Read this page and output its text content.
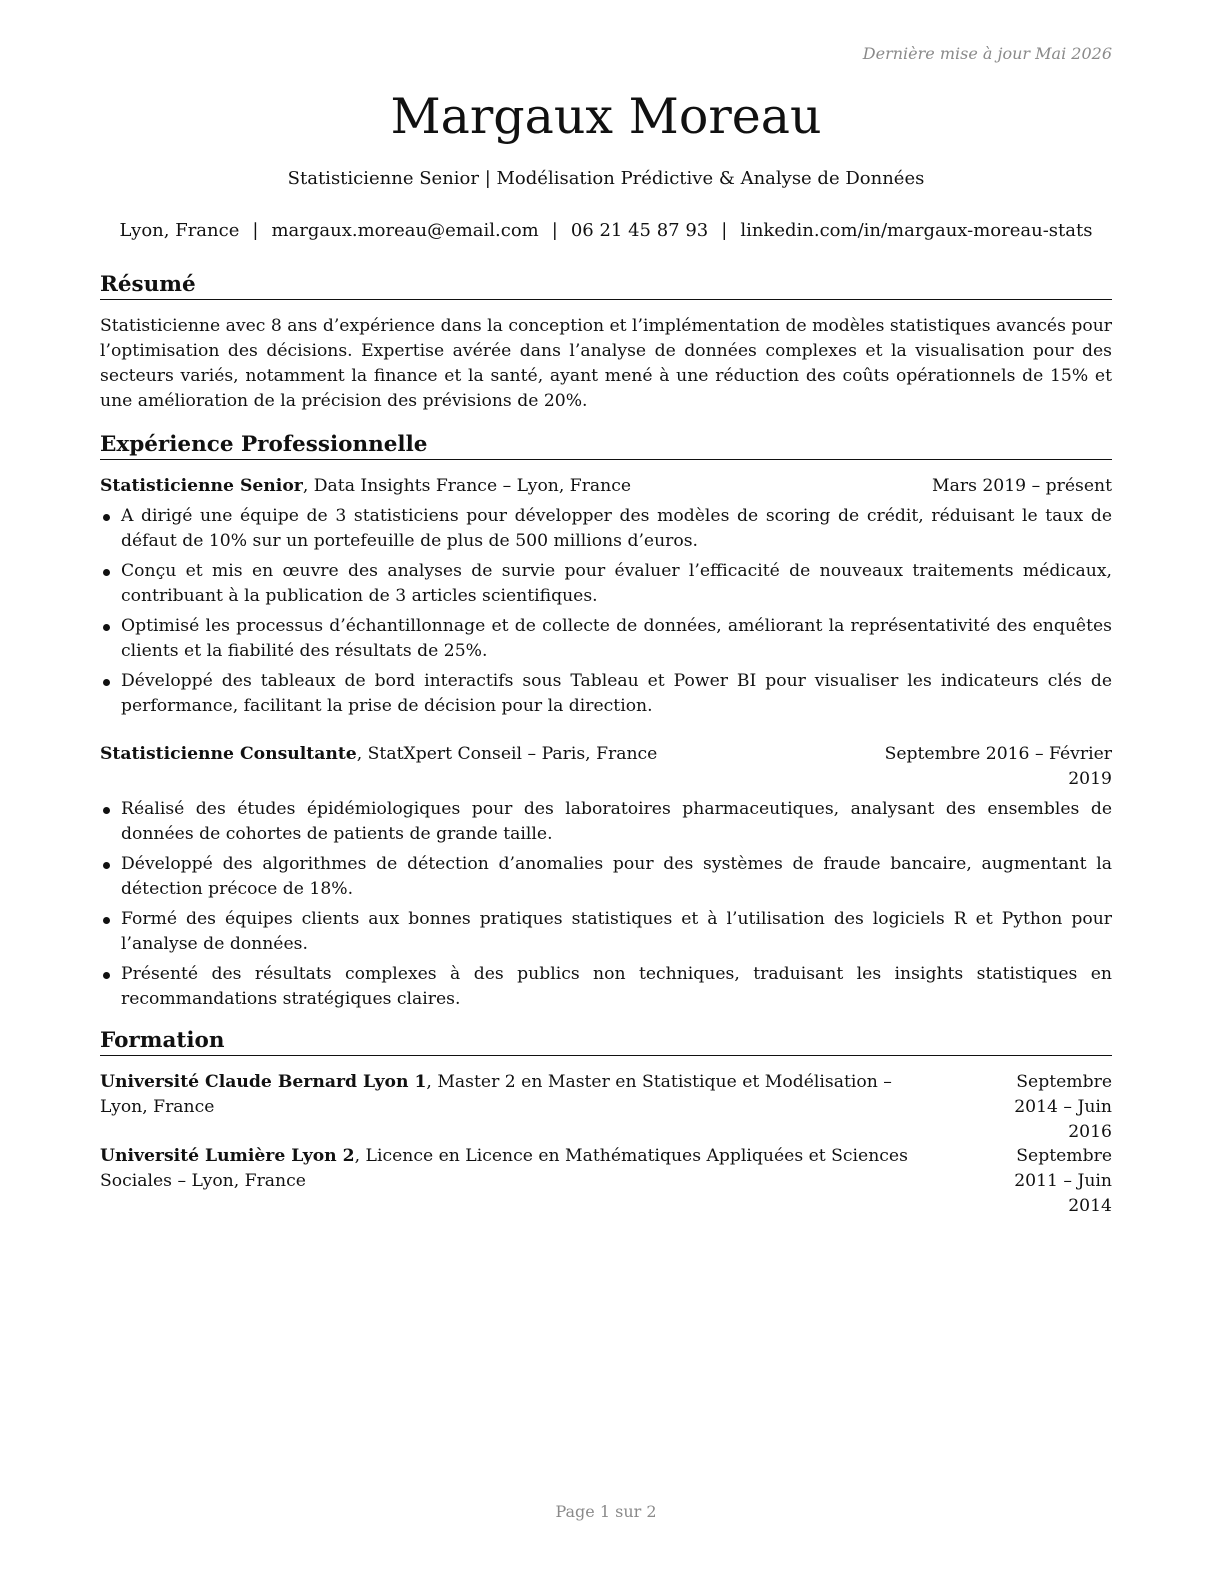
Dernière mise à jour Mai 2026
Margaux Moreau
Statisticienne Senior | Modélisation Prédictive & Analyse de Données
Lyon, France | margaux.moreau@email.com | 06 21 45 87 93 | linkedin.com/in/margaux-moreau-stats
Résumé
Statisticienne avec 8 ans d’expérience dans la conception et l’implémentation de modèles statistiques avancés pour l’optimisation des décisions. Expertise avérée dans l’analyse de données complexes et la visualisation pour des secteurs variés, notamment la finance et la santé, ayant mené à une réduction des coûts opérationnels de 15% et une amélioration de la précision des prévisions de 20%.
Expérience Professionnelle
Statisticienne Senior, Data Insights France – Lyon, France	Mars 2019 – présent
A dirigé une équipe de 3 statisticiens pour développer des modèles de scoring de crédit, réduisant le taux de défaut de 10% sur un portefeuille de plus de 500 millions d’euros.
Conçu et mis en œuvre des analyses de survie pour évaluer l’efficacité de nouveaux traitements médicaux, contribuant à la publication de 3 articles scientifiques.
Optimisé les processus d’échantillonnage et de collecte de données, améliorant la représentativité des enquêtes clients et la fiabilité des résultats de 25%.
Développé des tableaux de bord interactifs sous Tableau et Power BI pour visualiser les indicateurs clés de performance, facilitant la prise de décision pour la direction.
Statisticienne Consultante, StatXpert Conseil – Paris, France	Septembre 2016 – Février
2019
Réalisé des études épidémiologiques pour des laboratoires pharmaceutiques, analysant des ensembles de données de cohortes de patients de grande taille.
Développé des algorithmes de détection d’anomalies pour des systèmes de fraude bancaire, augmentant la détection précoce de 18%.
Formé des équipes clients aux bonnes pratiques statistiques et à l’utilisation des logiciels R et Python pour l’analyse de données.
Présenté des résultats complexes à des publics non techniques, traduisant les insights statistiques en recommandations stratégiques claires.
Formation
Université Claude Bernard Lyon 1, Master 2 en Master en Statistique et Modélisation –
Lyon, France
Septembre 2014 – Juin
2016
Université Lumière Lyon 2, Licence en Licence en Mathématiques Appliquées et Sciences
Sociales – Lyon, France
Septembre 2011 – Juin
2014
Page 1 sur 2
